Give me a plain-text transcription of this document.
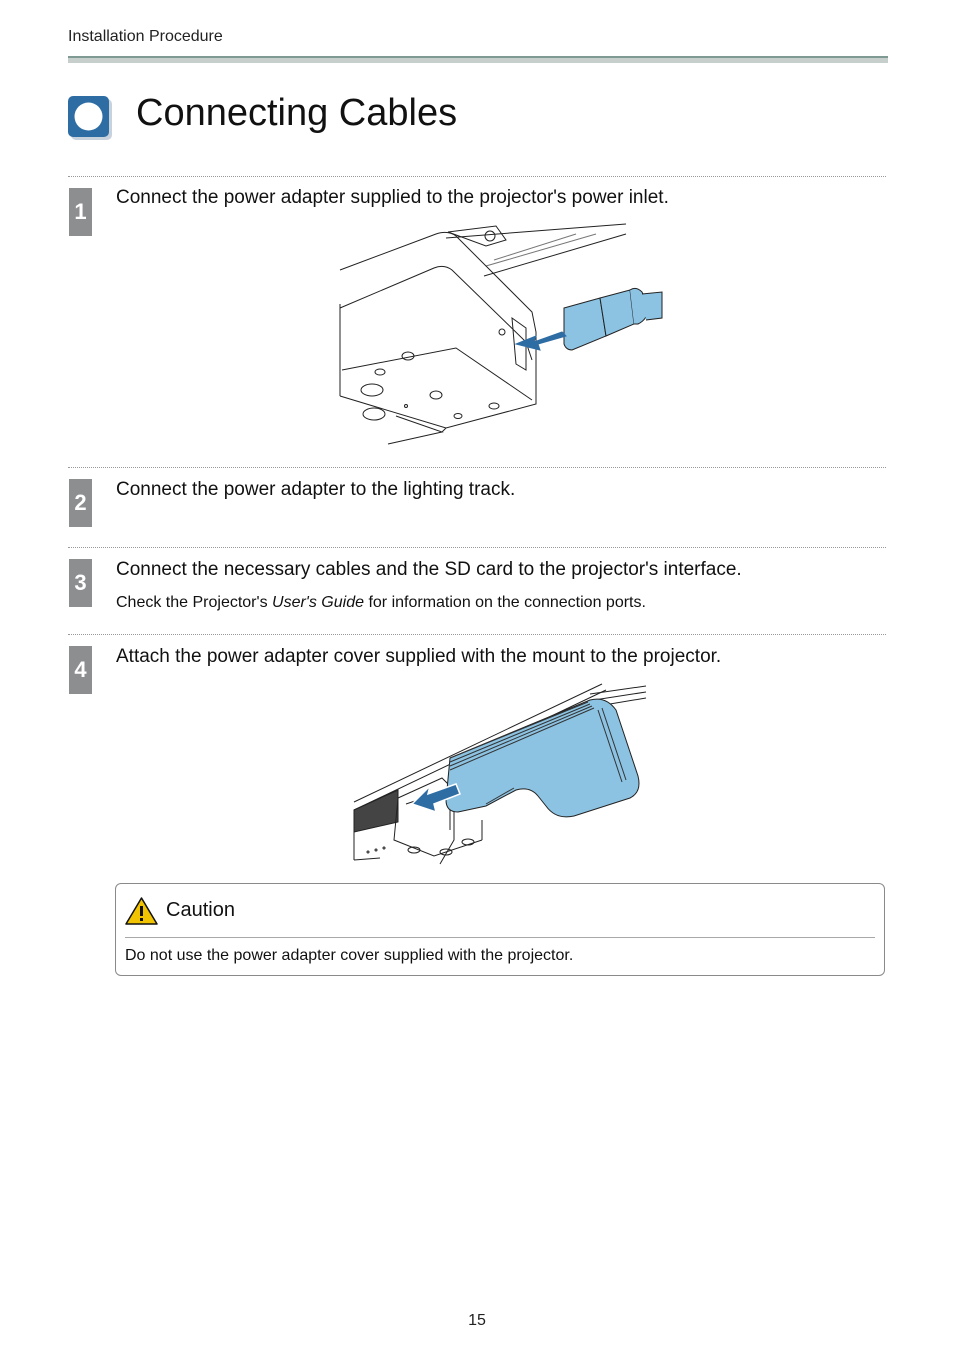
Installation Procedure
Connecting Cables
1
Connect the power adapter supplied to the projector's power inlet.
2
Connect the power adapter to the lighting track.
3
Connect the necessary cables and the SD card to the projector's interface.
Check the Projector's User's Guide for information on the connection ports.
4
Attach the power adapter cover supplied with the mount to the projector.
Caution
Do not use the power adapter cover supplied with the projector.
15
